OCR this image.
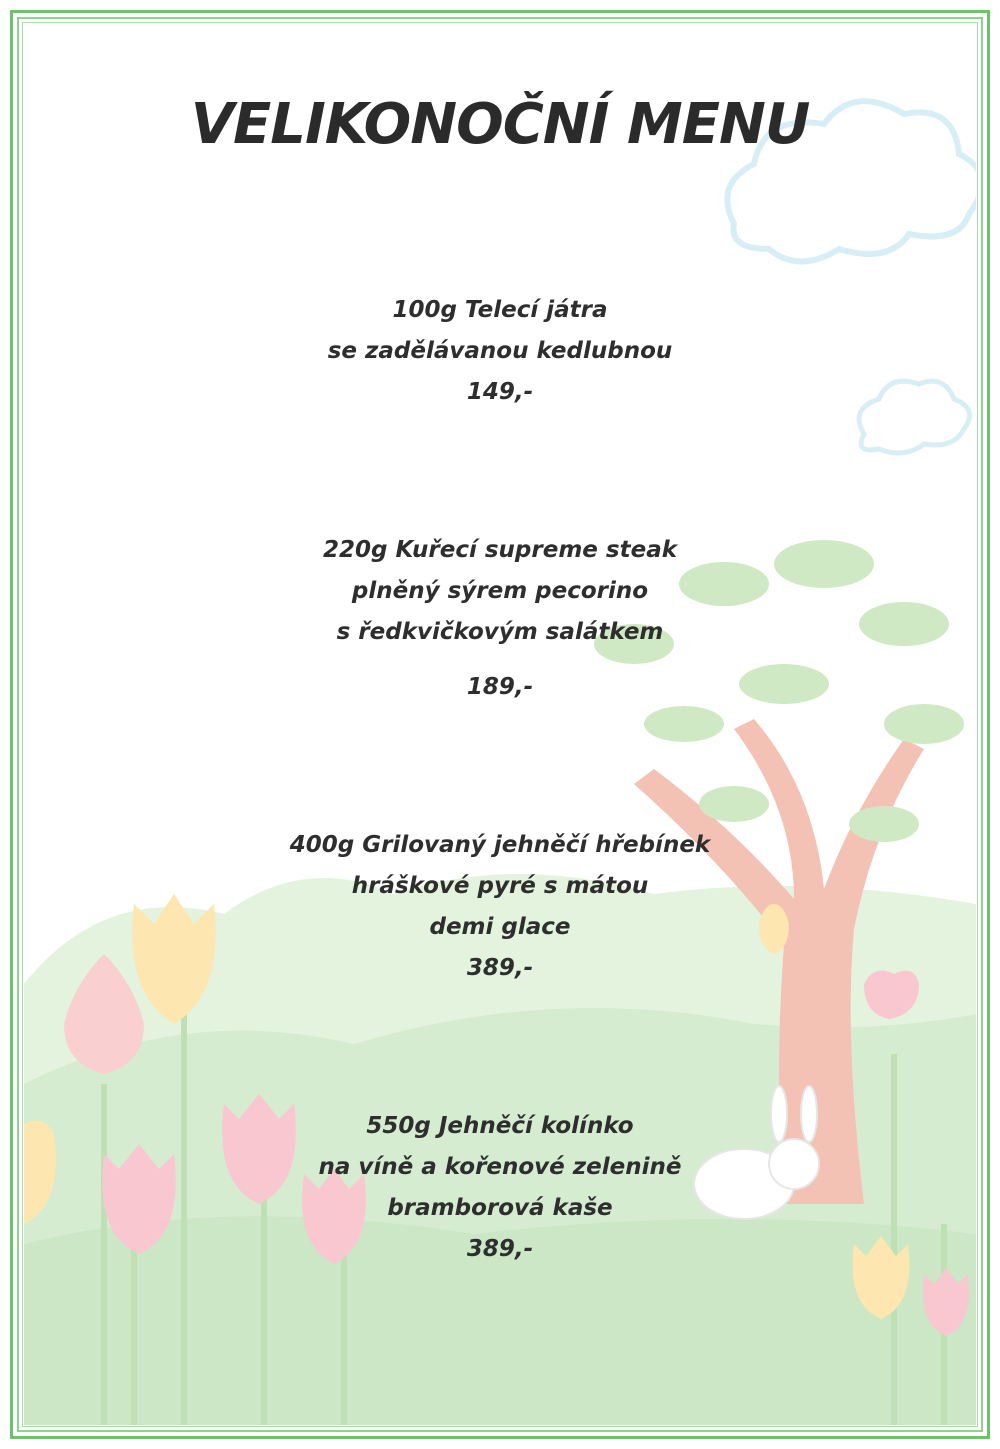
VELIKONOČNÍ MENU
100g Telecí játra
se zadělávanou kedlubnou
149,-
220g Kuřecí supreme steak
plněný sýrem pecorino
s ředkvičkovým salátkem
189,-
400g Grilovaný jehněčí hřebínek
hráškové pyré s mátou
demi glace
389,-
550g Jehněčí kolínko
na víně a kořenové zelenině
bramborová kaše
389,-
